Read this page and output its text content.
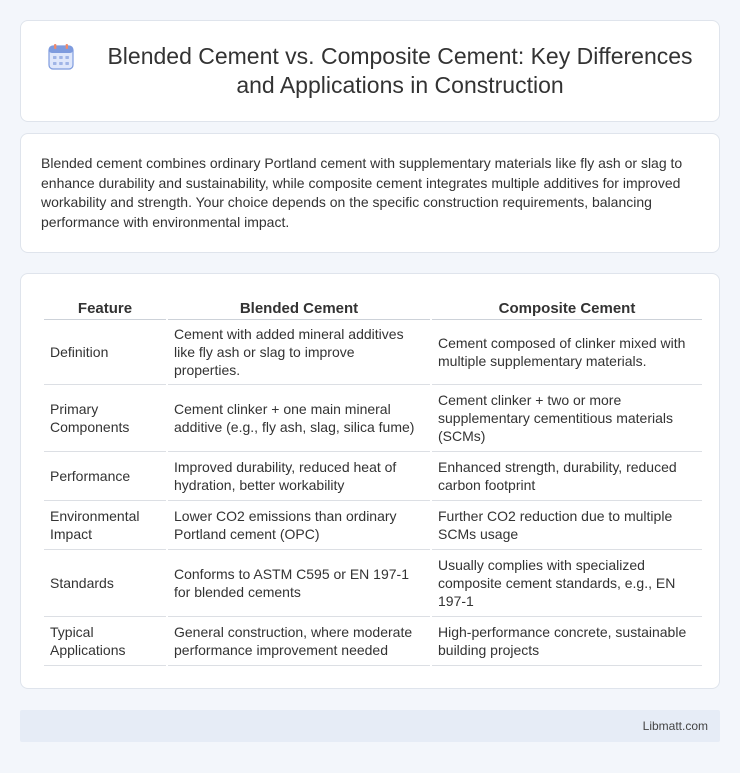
Blended Cement vs. Composite Cement: Key Differences and Applications in Construction

Blended cement combines ordinary Portland cement with supplementary materials like fly ash or slag to enhance durability and sustainability, while composite cement integrates multiple additives for improved workability and strength. Your choice depends on the specific construction requirements, balancing performance with environmental impact.

Feature	Blended Cement	Composite Cement
Definition	Cement with added mineral additives like fly ash or slag to improve properties.	Cement composed of clinker mixed with multiple supplementary materials.
Primary Components	Cement clinker + one main mineral additive (e.g., fly ash, slag, silica fume)	Cement clinker + two or more supplementary cementitious materials (SCMs)
Performance	Improved durability, reduced heat of hydration, better workability	Enhanced strength, durability, reduced carbon footprint
Environmental Impact	Lower CO2 emissions than ordinary Portland cement (OPC)	Further CO2 reduction due to multiple SCMs usage
Standards	Conforms to ASTM C595 or EN 197-1 for blended cements	Usually complies with specialized composite cement standards, e.g., EN 197-1
Typical Applications	General construction, where moderate performance improvement needed	High-performance concrete, sustainable building projects
Libmatt.com
